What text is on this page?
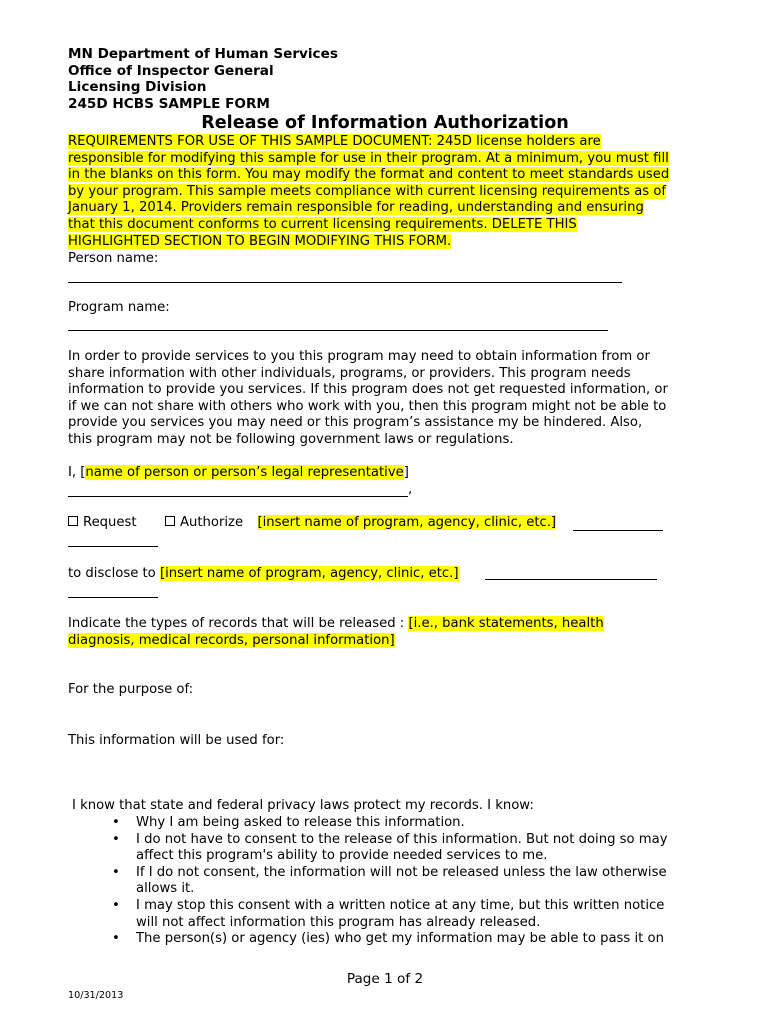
MN Department of Human Services
Office of Inspector General
Licensing Division
245D HCBS SAMPLE FORM
Release of Information Authorization
REQUIREMENTS FOR USE OF THIS SAMPLE DOCUMENT: 245D license holders are
responsible for modifying this sample for use in their program. At a minimum, you must fill
in the blanks on this form. You may modify the format and content to meet standards used
by your program. This sample meets compliance with current licensing requirements as of
January 1, 2014. Providers remain responsible for reading, understanding and ensuring
that this document conforms to current licensing requirements. DELETE THIS
HIGHLIGHTED SECTION TO BEGIN MODIFYING THIS FORM.
Person name:
Program name:
In order to provide services to you this program may need to obtain information from or
share information with other individuals, programs, or providers. This program needs
information to provide you services. If this program does not get requested information, or
if we can not share with others who work with you, then this program might not be able to
provide you services you may need or this program’s assistance my be hindered. Also,
this program may not be following government laws or regulations.
I, [name of person or person’s legal representative]
,
Request	Authorize [insert name of program, agency, clinic, etc.]
to disclose to [insert name of program, agency, clinic, etc.]
Indicate the types of records that will be released : [i.e., bank statements, health
diagnosis, medical records, personal information]
For the purpose of:
This information will be used for:
I know that state and federal privacy laws protect my records. I know:
• Why I am being asked to release this information.
• I do not have to consent to the release of this information. But not doing so may
affect this program's ability to provide needed services to me.
• If I do not consent, the information will not be released unless the law otherwise
allows it.
• I may stop this consent with a written notice at any time, but this written notice
will not affect information this program has already released.
• The person(s) or agency (ies) who get my information may be able to pass it on
Page 1 of 2
10/31/2013
